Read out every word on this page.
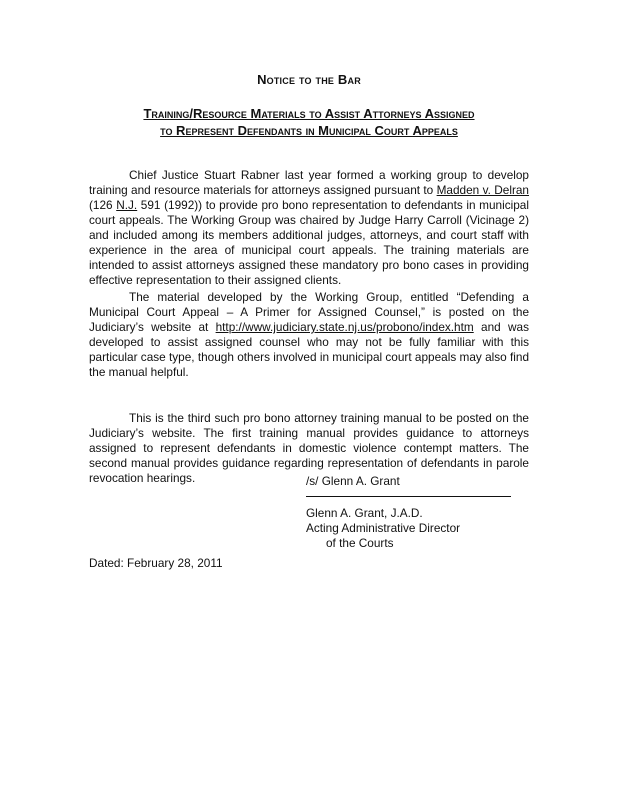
Notice to the Bar
Training/Resource Materials to Assist Attorneys Assigned
to Represent Defendants in Municipal Court Appeals

Chief Justice Stuart Rabner last year formed a working group to develop training and resource materials for attorneys assigned pursuant to Madden v. Delran (126 N.J. 591 (1992)) to provide pro bono representation to defendants in municipal court appeals. The Working Group was chaired by Judge Harry Carroll (Vicinage 2) and included among its members additional judges, attorneys, and court staff with experience in the area of municipal court appeals. The training materials are intended to assist attorneys assigned these mandatory pro bono cases in providing effective representation to their assigned clients.

The material developed by the Working Group, entitled “Defending a Municipal Court Appeal – A Primer for Assigned Counsel,” is posted on the Judiciary’s website at http://www.judiciary.state.nj.us/probono/index.htm and was developed to assist assigned counsel who may not be fully familiar with this particular case type, though others involved in municipal court appeals may also find the manual helpful.

This is the third such pro bono attorney training manual to be posted on the Judiciary’s website. The first training manual provides guidance to attorneys assigned to represent defendants in domestic violence contempt matters. The second manual provides guidance regarding representation of defendants in parole revocation hearings.	/s/ Glenn A. Grant
Glenn A. Grant, J.A.D.
Acting Administrative Director
of the Courts
Dated: February 28, 2011
